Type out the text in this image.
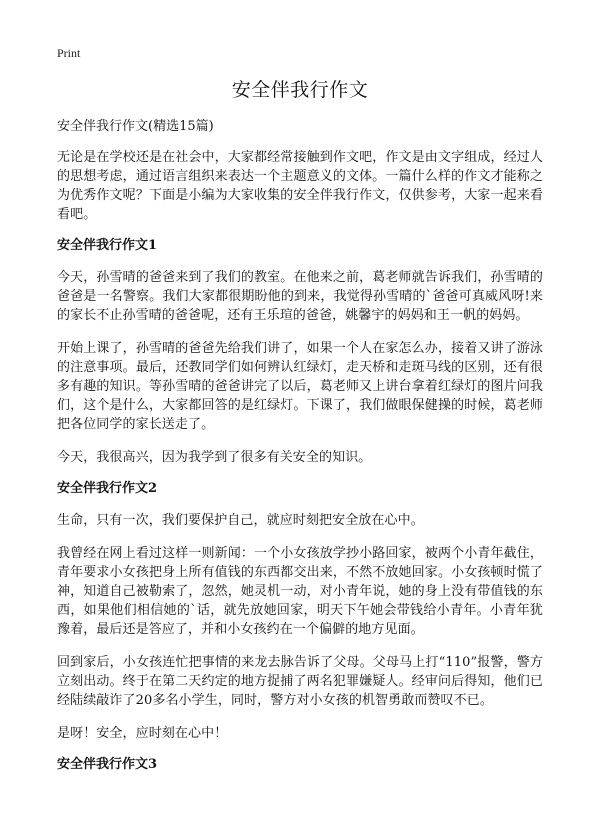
Print
安全伴我行作文
安全伴我行作文(精选15篇)

无论是在学校还是在社会中，大家都经常接触到作文吧，作文是由文字组成，经过人的思想考虑，通过语言组织来表达一个主题意义的文体。一篇什么样的作文才能称之为优秀作文呢？下面是小编为大家收集的安全伴我行作文，仅供参考，大家一起来看看吧。

安全伴我行作文1

今天，孙雪晴的爸爸来到了我们的教室。在他来之前，葛老师就告诉我们，孙雪晴的爸爸是一名警察。我们大家都很期盼他的到来，我觉得孙雪晴的`爸爸可真威风呀!来的家长不止孙雪晴的爸爸呢，还有王乐瑄的爸爸，姚馨宇的妈妈和王一帆的妈妈。

开始上课了，孙雪晴的爸爸先给我们讲了，如果一个人在家怎么办，接着又讲了游泳的注意事项。最后，还教同学们如何辨认红绿灯，走天桥和走斑马线的区别，还有很多有趣的知识。等孙雪晴的爸爸讲完了以后，葛老师又上讲台拿着红绿灯的图片问我们，这个是什么，大家都回答的是红绿灯。下课了，我们做眼保健操的时候，葛老师把各位同学的家长送走了。

今天，我很高兴，因为我学到了很多有关安全的知识。

安全伴我行作文2

生命，只有一次，我们要保护自己，就应时刻把安全放在心中。

我曾经在网上看过这样一则新闻：一个小女孩放学抄小路回家，被两个小青年截住，青年要求小女孩把身上所有值钱的东西都交出来，不然不放她回家。小女孩顿时慌了神，知道自己被勒索了，忽然，她灵机一动，对小青年说，她的身上没有带值钱的东西，如果他们相信她的`话，就先放她回家，明天下午她会带钱给小青年。小青年犹豫着，最后还是答应了，并和小女孩约在一个偏僻的地方见面。

回到家后，小女孩连忙把事情的来龙去脉告诉了父母。父母马上打“110”报警，警方立刻出动。终于在第二天约定的地方捉捕了两名犯罪嫌疑人。经审问后得知，他们已经陆续敲诈了20多名小学生，同时，警方对小女孩的机智勇敢而赞叹不已。

是呀！安全，应时刻在心中！

安全伴我行作文3
